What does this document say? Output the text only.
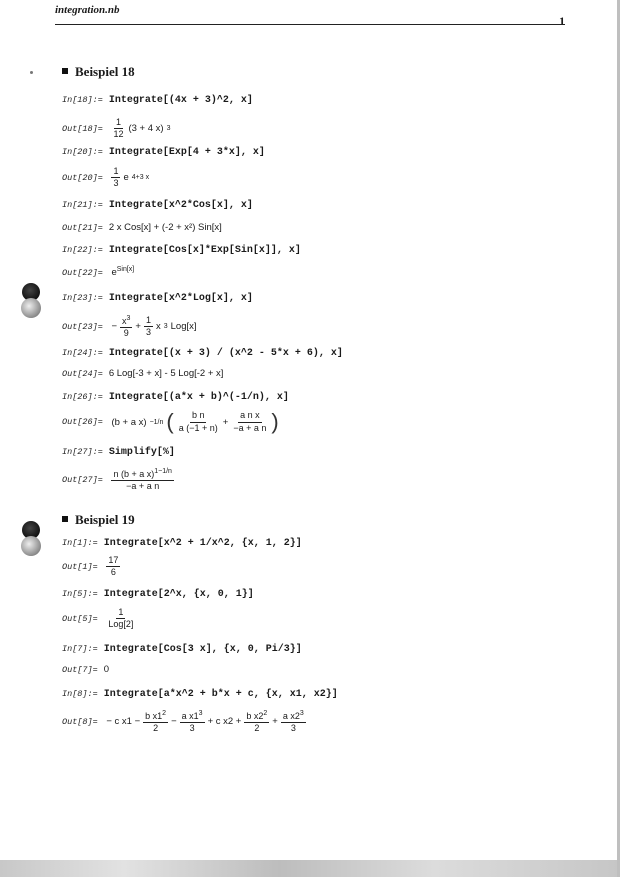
integration.nb
1
Beispiel 18
In[18]:= Integrate[(4x + 3)^2, x]
$Out[18]= \frac{1}{12} (3 + 4$ x) 3
In[20]:= Integrate[Exp[4 + 3*x], x]
$Out[20]= \frac{1}{3}$ e 4+3 x
In[21]:= Integrate[x^2*Cos[x], x]
Out[21]= 2 x Cos[x] + (-2 + x²) Sin[x]
In[22]:= Integrate[Cos[x]*Exp[Sin[x]], x]
$Out[22]= e^{Sin[x]}$
In[23]:= Integrate[x^2*Log[x], x]
$Out[23]= - \frac{x^3}{9} + \frac{1}{3}$ x 3 Log[x]
In[24]:= Integrate[(x + 3) / (x^2 - 5*x + 6), x]
Out[24]= 6 Log[-3 + x] - 5 Log[-2 + x]
In[26]:= Integrate[(a*x + b)^(-1/n), x]
Out[26]= (b + a x) −1/n ( $\frac{\text{b n}}{a (-1 + n)} + \frac{\text{a n x}}{\text{−a + a n}}$ )
In[27]:= Simplify[%]
$Out[27]= \frac{n (b + a x)^{1-1/n}}{\text{−a + a n}}$
Beispiel 19
In[1]:= Integrate[x^2 + 1/x^2, {x, 1, 2}]
$Out[1]= \frac{17}{6}$
In[5]:= Integrate[2^x, {x, 0, 1}]
$Out[5]= \frac{1}{\text{Log[2]}}$
In[7]:= Integrate[Cos[3 x], {x, 0, Pi/3}]
Out[7]= 0
In[8]:= Integrate[a*x^2 + b*x + c, {x, x1, x2}]
Out[8]= − c $x1 - \frac{b x1^2}{2} - \frac{a x1^3}{3} + c$ $x2 + \frac{b x2^2}{2} + \frac{a x2^3}{3}$
